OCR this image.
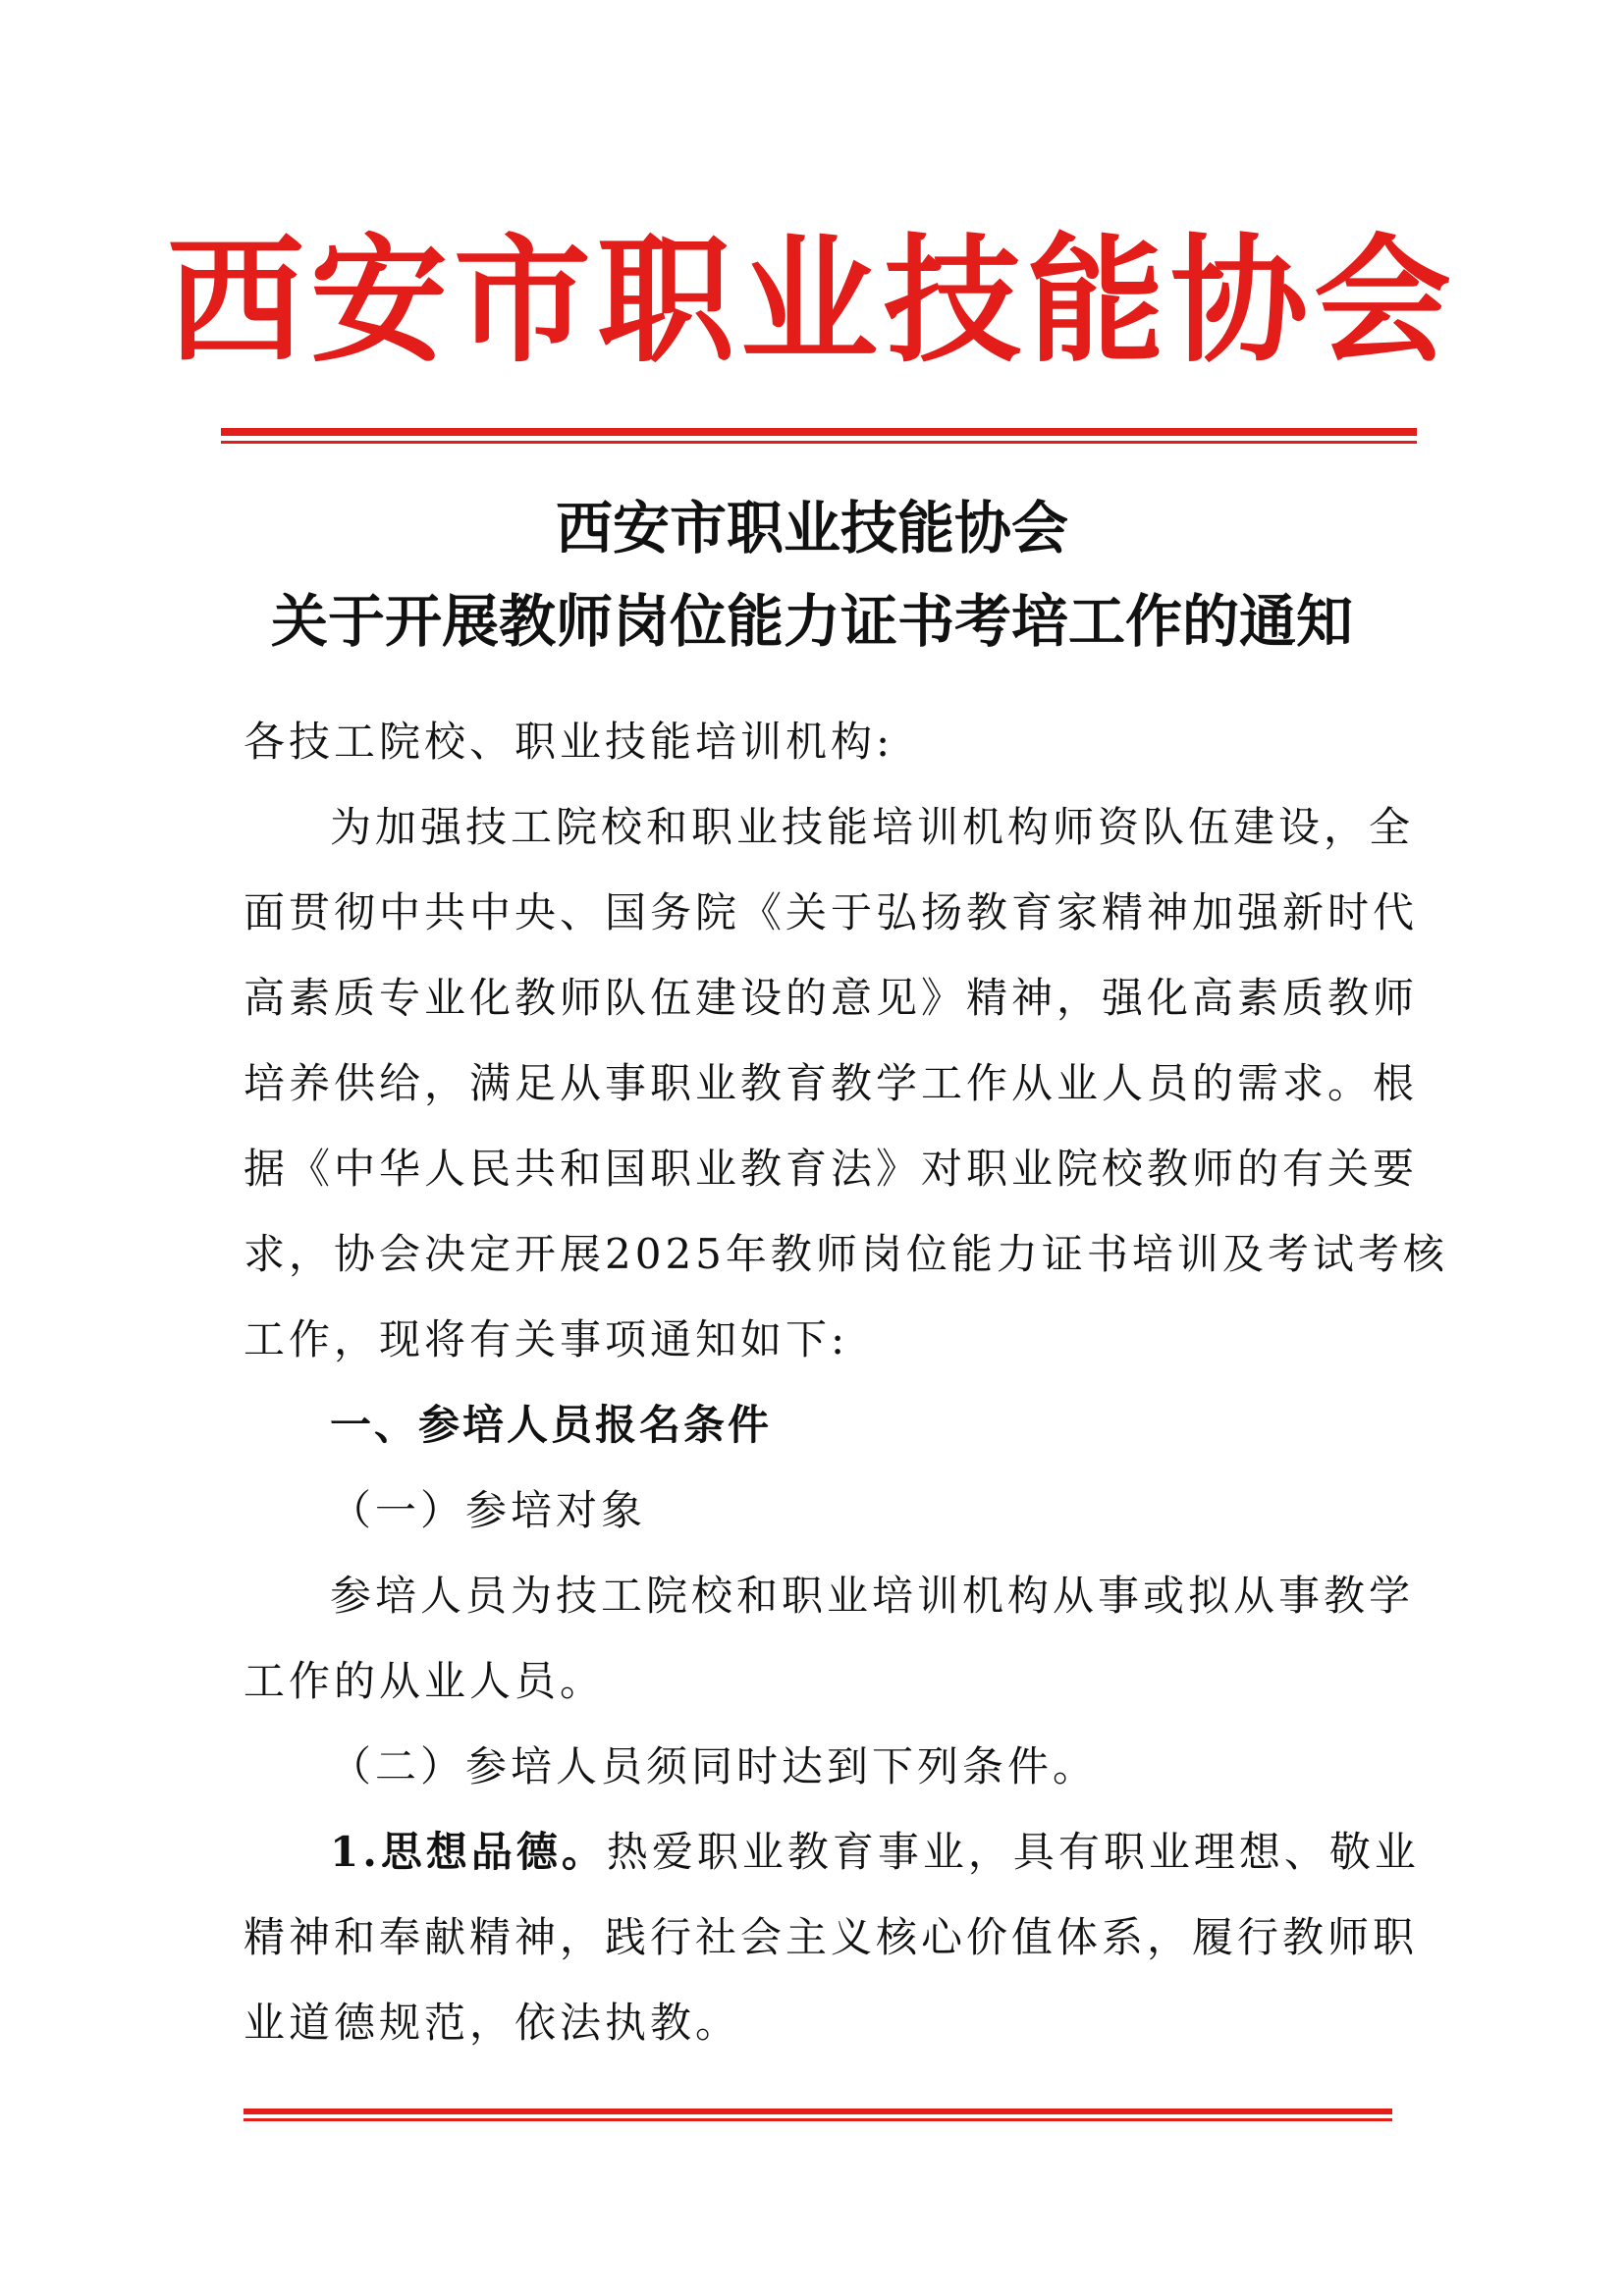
西安市职业技能协会
西安市职业技能协会
关于开展教师岗位能力证书考培工作的通知
各技工院校、职业技能培训机构:
为加强技工院校和职业技能培训机构师资队伍建设，全
面贯彻中共中央、国务院《关于弘扬教育家精神加强新时代
高素质专业化教师队伍建设的意见》精神，强化高素质教师
培养供给，满足从事职业教育教学工作从业人员的需求。根
据《中华人民共和国职业教育法》对职业院校教师的有关要
求，协会决定开展2025年教师岗位能力证书培训及考试考核
工作，现将有关事项通知如下:
一、参培人员报名条件
（一）参培对象
参培人员为技工院校和职业培训机构从事或拟从事教学
工作的从业人员。
（二）参培人员须同时达到下列条件。
1.思想品德。热爱职业教育事业，具有职业理想、敬业
精神和奉献精神，践行社会主义核心价值体系，履行教师职
业道德规范，依法执教。
